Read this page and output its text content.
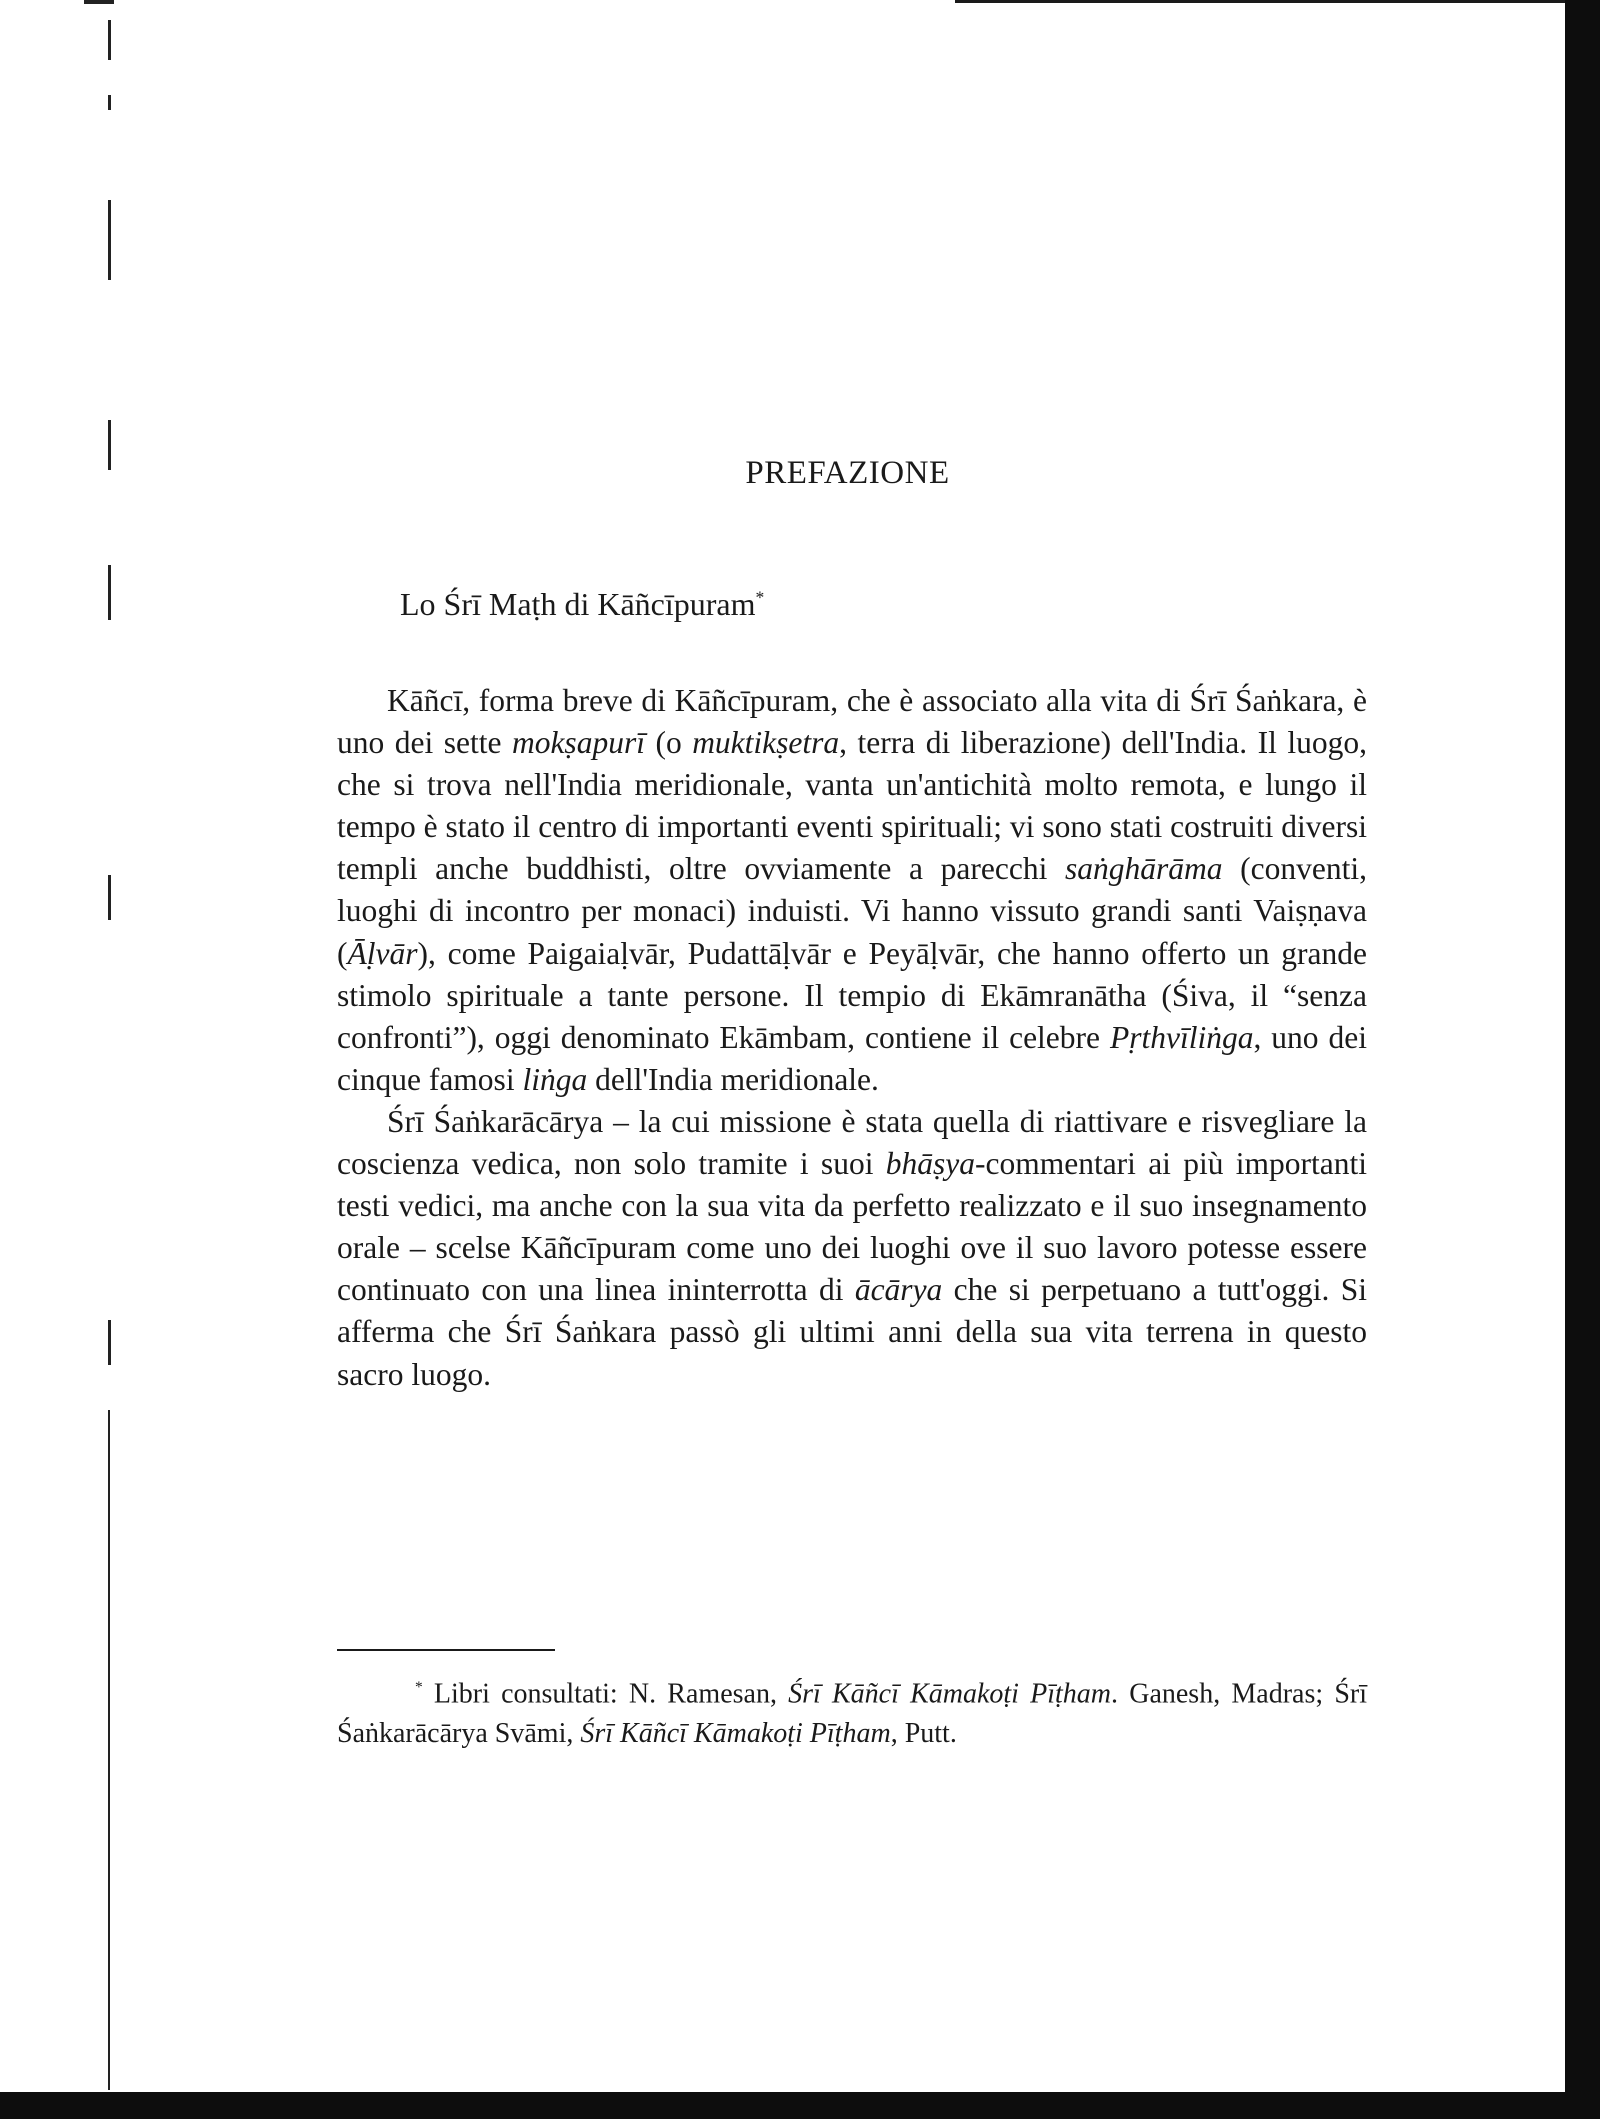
PREFAZIONE
Lo Śrī Maṭh di Kāñcīpuram*

Kāñcī, forma breve di Kāñcīpuram, che è associato alla vita di Śrī Śaṅkara, è uno dei sette mokṣapurī (o muktikṣetra, terra di liberazione) dell'India. Il luogo, che si trova nell'India meridionale, vanta un'antichità molto remota, e lungo il tempo è stato il centro di importanti eventi spirituali; vi sono stati costruiti diversi templi anche buddhisti, oltre ovviamente a parecchi saṅghārāma (conventi, luoghi di incontro per monaci) induisti. Vi hanno vissuto grandi santi Vaiṣṇava (Āḷvār), come Paigaiaḷvār, Pudattāḷvār e Peyāḷvār, che hanno offerto un grande stimolo spirituale a tante persone. Il tempio di Ekāmranātha (Śiva, il “senza confronti”), oggi denominato Ekāmbam, contiene il celebre Pṛthvīliṅga, uno dei cinque famosi liṅga dell'India meridionale.

Śrī Śaṅkarācārya – la cui missione è stata quella di riattivare e risvegliare la coscienza vedica, non solo tramite i suoi bhāṣya-commentari ai più importanti testi vedici, ma anche con la sua vita da perfetto realizzato e il suo insegnamento orale – scelse Kāñcīpuram come uno dei luoghi ove il suo lavoro potesse essere continuato con una linea ininterrotta di ācārya che si perpetuano a tutt'oggi. Si afferma che Śrī Śaṅkara passò gli ultimi anni della sua vita terrena in questo sacro luogo.

* Libri consultati: N. Ramesan, Śrī Kāñcī Kāmakoṭi Pīṭham. Ganesh, Madras; Śrī Śaṅkarācārya Svāmi, Śrī Kāñcī Kāmakoṭi Pīṭham, Putt.
